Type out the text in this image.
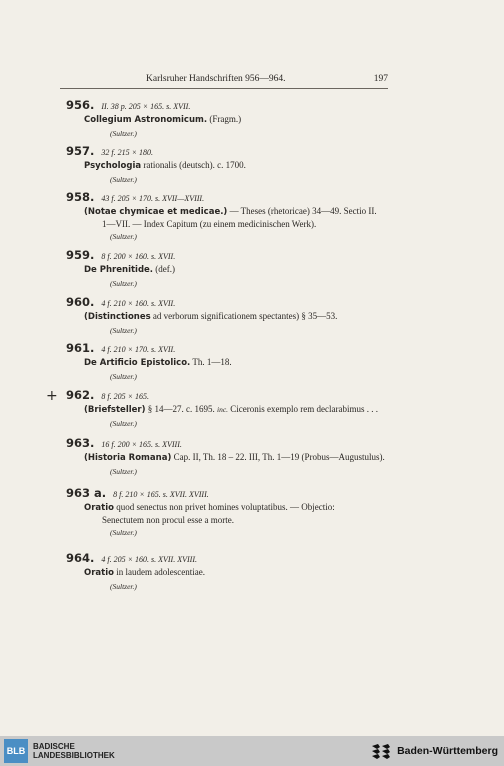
Karlsruher Handschriften 956—964.	197
+
956. II. 38 p. 205 × 165. s. XVII.
Collegium Astronomicum. (Fragm.)
(Sultzer.)
957. 32 f. 215 × 180.
Psychologia rationalis (deutsch). c. 1700.
(Sultzer.)
958. 43 f. 205 × 170. s. XVII—XVIII.
(Notae chymicae et medicae.) — Theses (rhetoricae) 34—49. Sectio II.
1—VII. — Index Capitum (zu einem medicinischen Werk).
(Sultzer.)
959. 8 f. 200 × 160. s. XVII.
De Phrenitide. (def.)
(Sultzer.)
960. 4 f. 210 × 160. s. XVII.
(Distinctiones ad verborum significationem spectantes) § 35—53.
(Sultzer.)
961. 4 f. 210 × 170. s. XVII.
De Artificio Epistolico. Th. 1—18.
(Sultzer.)
962. 8 f. 205 × 165.
(Briefsteller) § 14—27. c. 1695. inc. Ciceronis exemplo rem declarabimus . . .
(Sultzer.)
963. 16 f. 200 × 165. s. XVIII.
(Historia Romana) Cap. II, Th. 18 – 22. III, Th. 1—19 (Probus—Augustulus).
(Sultzer.)
963 a. 8 f. 210 × 165. s. XVII. XVIII.
Oratio quod senectus non privet homines voluptatibus. — Objectio:
Senectutem non procul esse a morte.
(Sultzer.)
964. 4 f. 205 × 160. s. XVII. XVIII.
Oratio in laudem adolescentiae.
(Sultzer.)
BLB BADISCHE
LANDESBIBLIOTHEK	Baden-Württemberg
